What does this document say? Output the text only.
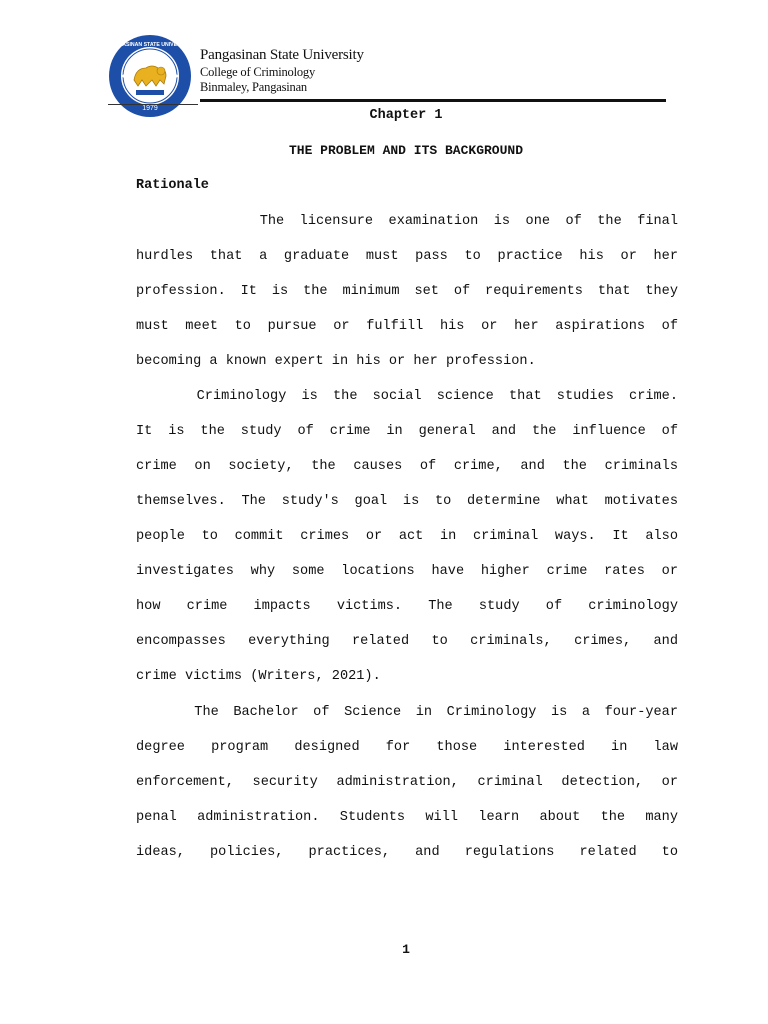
1979
PANGASINAN STATE UNIVERSITY
Pangasinan State University
College of Criminology
Binmaley, Pangasinan
Chapter 1
THE PROBLEM AND ITS BACKGROUND
Rationale
The licensure examination is one of the final
hurdles that a graduate must pass to practice his or her
profession. It is the minimum set of requirements that they
must meet to pursue or fulfill his or her aspirations of
becoming a known expert in his or her profession.
Criminology is the social science that studies crime.
It is the study of crime in general and the influence of
crime on society, the causes of crime, and the criminals
themselves. The study's goal is to determine what motivates
people to commit crimes or act in criminal ways. It also
investigates why some locations have higher crime rates or
how crime impacts victims. The study of criminology
encompasses everything related to criminals, crimes, and
crime victims (Writers, 2021).
The Bachelor of Science in Criminology is a four-year
degree program designed for those interested in law
enforcement, security administration, criminal detection, or
penal administration. Students will learn about the many
ideas, policies, practices, and regulations related to
1
